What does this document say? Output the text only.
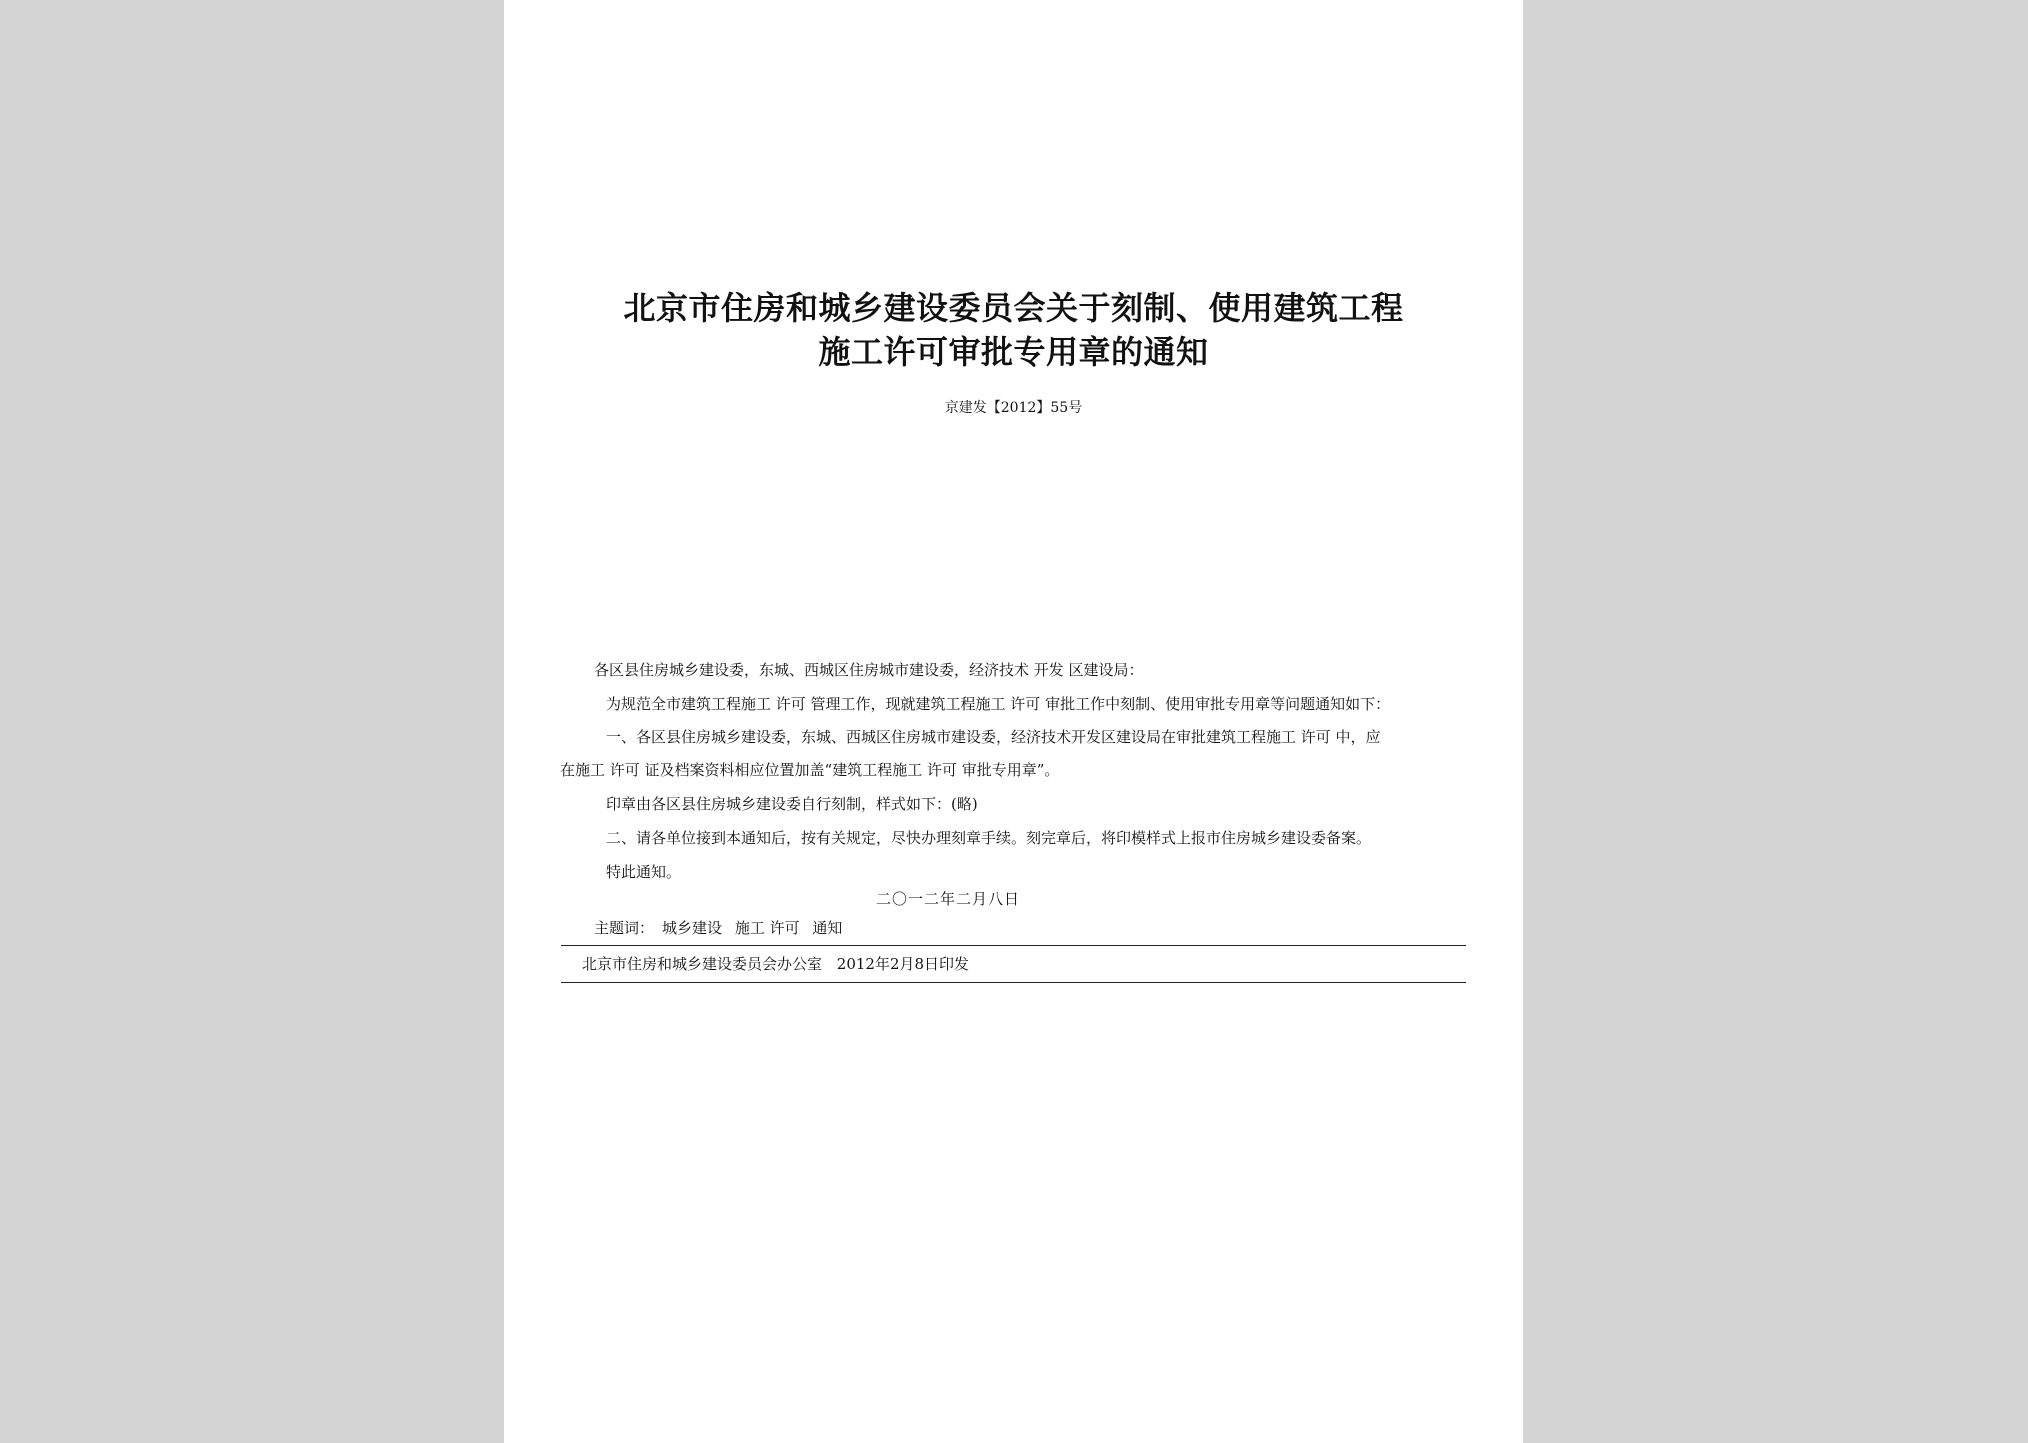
北京市住房和城乡建设委员会关于刻制、使用建筑工程
施工许可审批专用章的通知
京建发【2012】55号
各区县住房城乡建设委，东城、西城区住房城市建设委，经济技术 开发 区建设局：
为规范全市建筑工程施工 许可 管理工作，现就建筑工程施工 许可 审批工作中刻制、使用审批专用章等问题通知如下：
一、各区县住房城乡建设委，东城、西城区住房城市建设委，经济技术开发区建设局在审批建筑工程施工 许可 中，应
在施工 许可 证及档案资料相应位置加盖“建筑工程施工 许可 审批专用章”。
印章由各区县住房城乡建设委自行刻制，样式如下：(略)
二、请各单位接到本通知后，按有关规定，尽快办理刻章手续。刻完章后，将印模样式上报市住房城乡建设委备案。
特此通知。
二〇一二年二月八日
主题词： 城乡建设 施工 许可 通知
北京市住房和城乡建设委员会办公室 2012年2月8日印发
